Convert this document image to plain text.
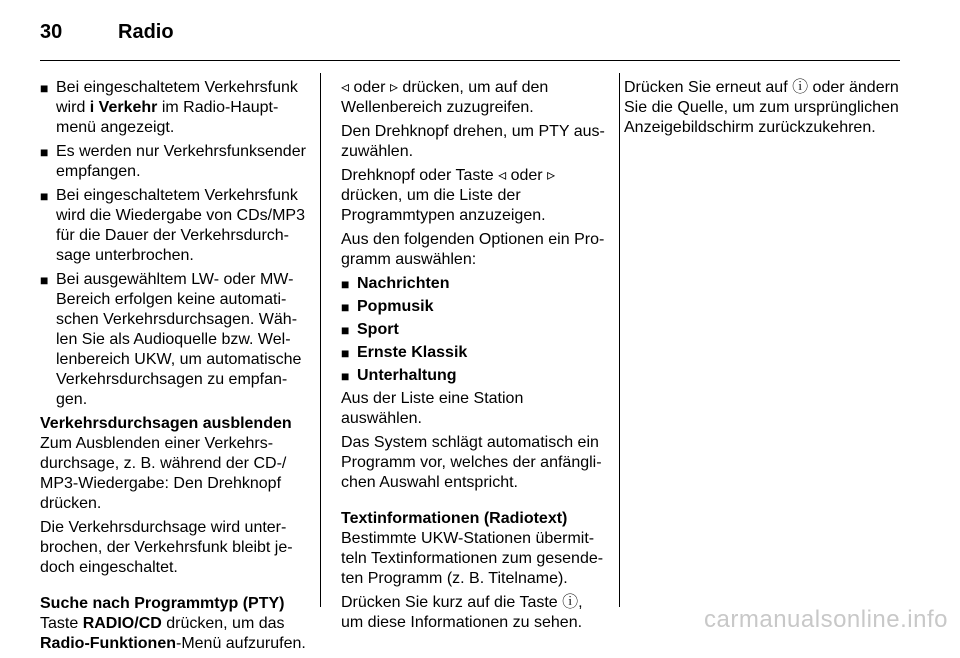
30	Radio
■ Bei eingeschaltetem Verkehrsfunk wird i Verkehr im Radio-Hauptmenü angezeigt.
■ Es werden nur Verkehrsfunksender empfangen.
■ Bei eingeschaltetem Verkehrsfunk wird die Wiedergabe von CDs/MP3 für die Dauer der Verkehrsdurchsage unterbrochen.
■ Bei ausgewähltem LW- oder MW-Bereich erfolgen keine automatischen Verkehrsdurchsagen. Wählen Sie als Audioquelle bzw. Wellenbereich UKW, um automatische Verkehrsdurchsagen zu empfangen.

Verkehrsdurchsagen ausblenden

Zum Ausblenden einer Verkehrsdurchsage, z. B. während der CD-/ MP3-Wiedergabe: Den Drehknopf drücken.

Die Verkehrsdurchsage wird unterbrochen, der Verkehrsfunk bleibt jedoch eingeschaltet.

Suche nach Programmtyp (PTY)

Taste RADIO/CD drücken, um das Radio-Funktionen-Menü aufzurufen.

◃ oder ▹ drücken, um auf den Wellenbereich zuzugreifen.

Den Drehknopf drehen, um PTY auszuwählen.

Drehknopf oder Taste ◃ oder ▹ drücken, um die Liste der Programmtypen anzuzeigen.

Aus den folgenden Optionen ein Programm auswählen:

■ Nachrichten
■ Popmusik
■ Sport
■ Ernste Klassik
■ Unterhaltung

Aus der Liste eine Station auswählen.

Das System schlägt automatisch ein Programm vor, welches der anfänglichen Auswahl entspricht.

Textinformationen (Radiotext)

Bestimmte UKW-Stationen übermitteln Textinformationen zum gesendeten Programm (z. B. Titelname).

Drücken Sie kurz auf die Taste ⓘ, um diese Informationen zu sehen.

Drücken Sie erneut auf ⓘ oder ändern Sie die Quelle, um zum ursprünglichen Anzeigebildschirm zurückzukehren.

carmanualsonline.info
